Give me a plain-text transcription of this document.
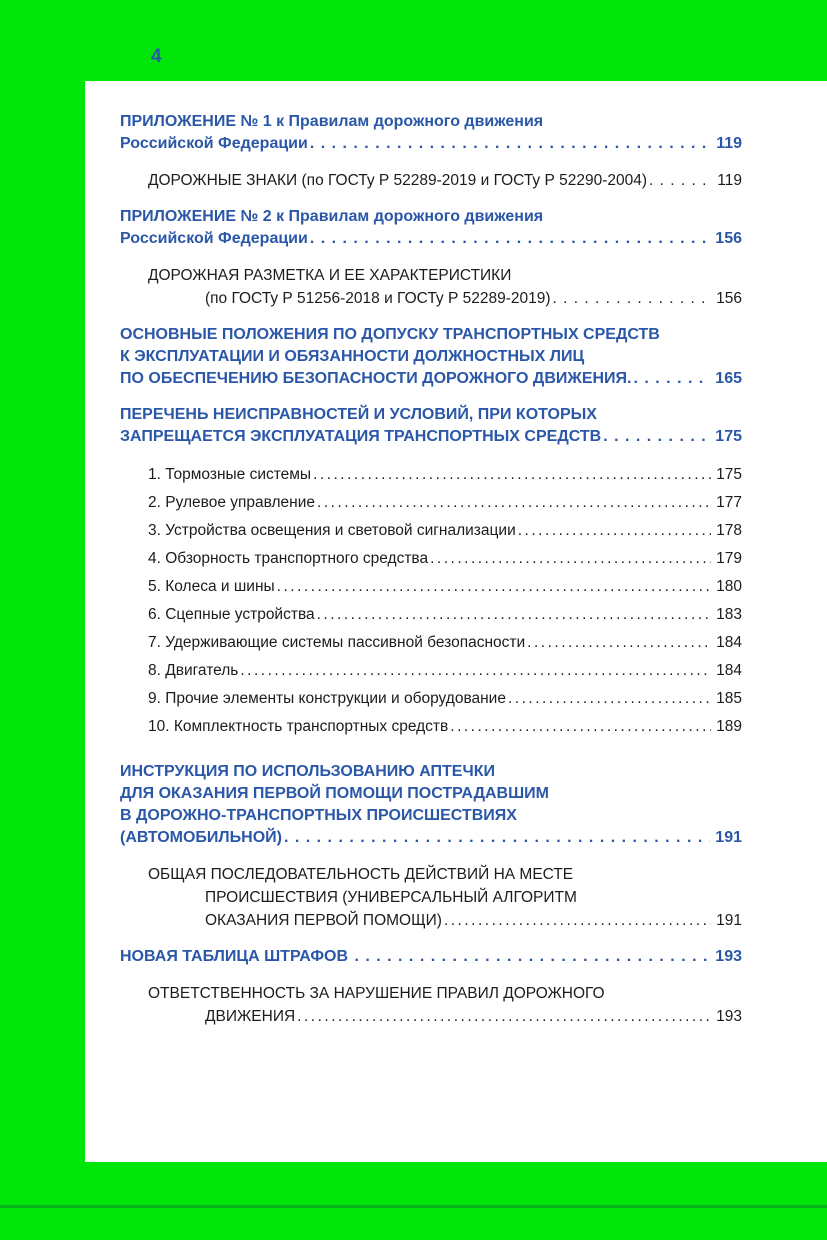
4
ПРИЛОЖЕНИЕ № 1 к Правилам дорожного движения
Российской Федерации . . .	119
ДОРОЖНЫЕ ЗНАКИ (по ГОСТу Р 52289-2019 и ГОСТу Р 52290-2004) . . .	119
ПРИЛОЖЕНИЕ № 2 к Правилам дорожного движения
Российской Федерации . . .	156
ДОРОЖНАЯ РАЗМЕТКА И ЕЕ ХАРАКТЕРИСТИКИ
(по ГОСТу Р 51256-2018 и ГОСТу Р 52289-2019) . . .	156
ОСНОВНЫЕ ПОЛОЖЕНИЯ ПО ДОПУСКУ ТРАНСПОРТНЫХ СРЕДСТВ
К ЭКСПЛУАТАЦИИ И ОБЯЗАННОСТИ ДОЛЖНОСТНЫХ ЛИЦ
ПО ОБЕСПЕЧЕНИЮ БЕЗОПАСНОСТИ ДОРОЖНОГО ДВИЖЕНИЯ. . . .	165
ПЕРЕЧЕНЬ НЕИСПРАВНОСТЕЙ И УСЛОВИЙ, ПРИ КОТОРЫХ
ЗАПРЕЩАЕТСЯ ЭКСПЛУАТАЦИЯ ТРАНСПОРТНЫХ СРЕДСТВ . . .	175
1. Тормозные системы .....	175
2. Рулевое управление .....	177
3. Устройства освещения и световой сигнализации .....	178
4. Обзорность транспортного средства .....	179
5. Колеса и шины .....	180
6. Сцепные устройства .....	183
7. Удерживающие системы пассивной безопасности .....	184
8. Двигатель .....	184
9. Прочие элементы конструкции и оборудование .....	185
10. Комплектность транспортных средств .....	189
ИНСТРУКЦИЯ ПО ИСПОЛЬЗОВАНИЮ АПТЕЧКИ
ДЛЯ ОКАЗАНИЯ ПЕРВОЙ ПОМОЩИ ПОСТРАДАВШИМ
В ДОРОЖНО-ТРАНСПОРТНЫХ ПРОИСШЕСТВИЯХ
(АВТОМОБИЛЬНОЙ) . . .	191
ОБЩАЯ ПОСЛЕДОВАТЕЛЬНОСТЬ ДЕЙСТВИЙ НА МЕСТЕ
ПРОИСШЕСТВИЯ (УНИВЕРСАЛЬНЫЙ АЛГОРИТМ
ОКАЗАНИЯ ПЕРВОЙ ПОМОЩИ) .....	191
НОВАЯ ТАБЛИЦА ШТРАФОВ . . .	193
ОТВЕТСТВЕННОСТЬ ЗА НАРУШЕНИЕ ПРАВИЛ ДОРОЖНОГО
ДВИЖЕНИЯ .....	193
